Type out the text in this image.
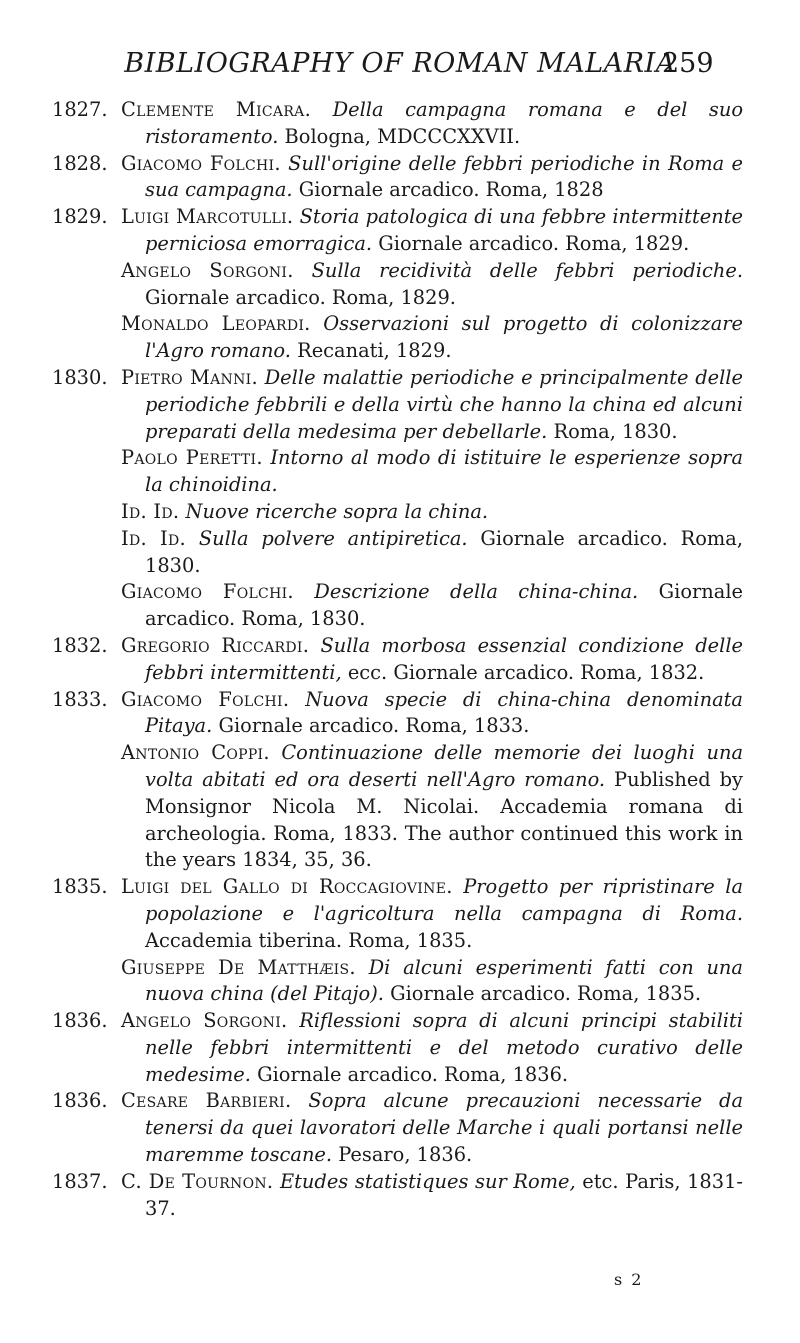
BIBLIOGRAPHY OF ROMAN MALARIA
259
1827. Clemente Micara. Della campagna romana e del suo ristoramento. Bologna, MDCCCXXVII.
1828. Giacomo Folchi. Sull'origine delle febbri periodiche in Roma e sua campagna. Giornale arcadico. Roma, 1828
1829. Luigi Marcotulli. Storia patologica di una febbre intermittente perniciosa emorragica. Giornale arcadico. Roma, 1829.
Angelo Sorgoni. Sulla recidività delle febbri periodiche. Giornale arcadico. Roma, 1829.
Monaldo Leopardi. Osservazioni sul progetto di colonizzare l'Agro romano. Recanati, 1829.
1830. Pietro Manni. Delle malattie periodiche e principalmente delle periodiche febbrili e della virtù che hanno la china ed alcuni preparati della medesima per debellarle. Roma, 1830.
Paolo Peretti. Intorno al modo di istituire le esperienze sopra la chinoidina.
Id. Id. Nuove ricerche sopra la china.
Id. Id. Sulla polvere antipiretica. Giornale arcadico. Roma, 1830.
Giacomo Folchi. Descrizione della china-china. Giornale arcadico. Roma, 1830.
1832. Gregorio Riccardi. Sulla morbosa essenzial condizione delle febbri intermittenti, ecc. Giornale arcadico. Roma, 1832.
1833. Giacomo Folchi. Nuova specie di china-china denominata Pitaya. Giornale arcadico. Roma, 1833.
Antonio Coppi. Continuazione delle memorie dei luoghi una volta abitati ed ora deserti nell'Agro romano. Published by Monsignor Nicola M. Nicolai. Accademia romana di archeologia. Roma, 1833. The author continued this work in the years 1834, 35, 36.
1835. Luigi del Gallo di Roccagiovine. Progetto per ripristinare la popolazione e l'agricoltura nella campagna di Roma. Accademia tiberina. Roma, 1835.
Giuseppe De Matthæis. Di alcuni esperimenti fatti con una nuova china (del Pitajo). Giornale arcadico. Roma, 1835.
1836. Angelo Sorgoni. Riflessioni sopra di alcuni principi stabiliti nelle febbri intermittenti e del metodo curativo delle medesime. Giornale arcadico. Roma, 1836.
1836. Cesare Barbieri. Sopra alcune precauzioni necessarie da tenersi da quei lavoratori delle Marche i quali portansi nelle maremme toscane. Pesaro, 1836.
1837. C. De Tournon. Etudes statistiques sur Rome, etc. Paris, 1831-37.
s 2
